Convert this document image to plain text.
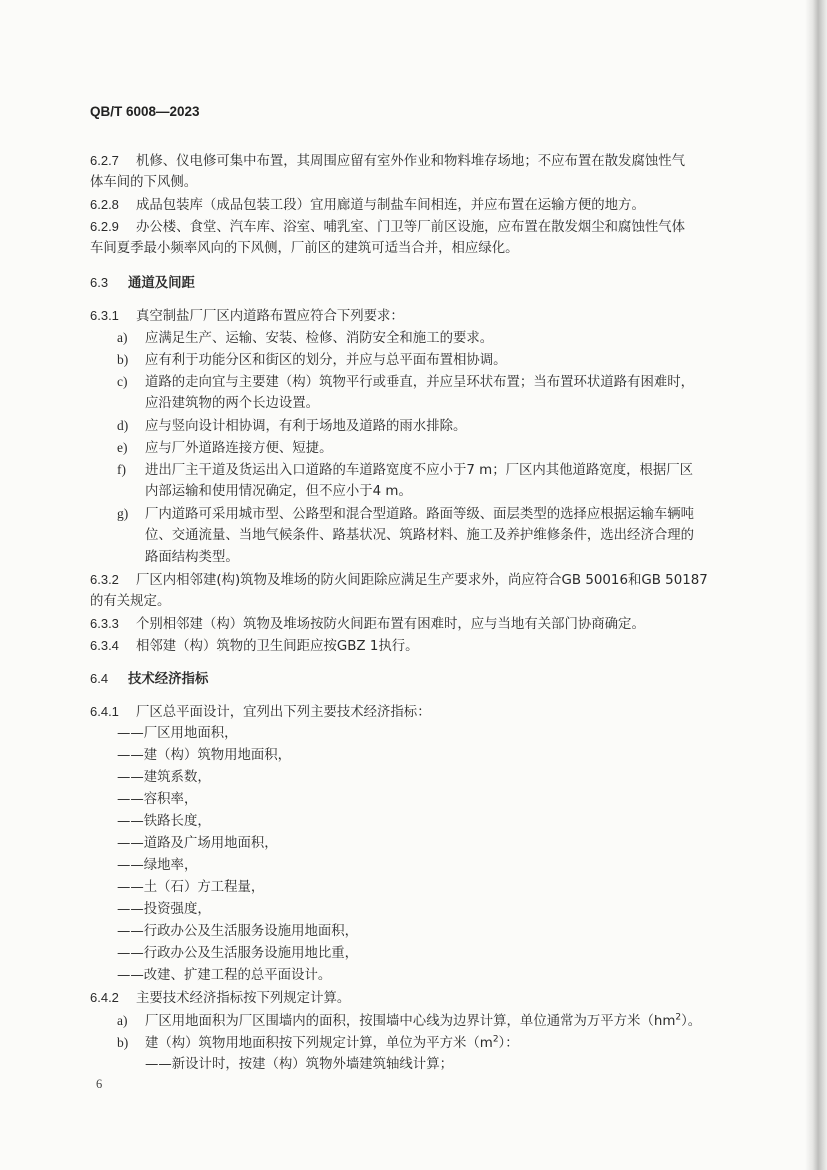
QB/T 6008—2023
6.2.7 机修、仪电修可集中布置，其周围应留有室外作业和物料堆存场地；不应布置在散发腐蚀性气
体车间的下风侧。
6.2.8 成品包装库（成品包装工段）宜用廊道与制盐车间相连，并应布置在运输方便的地方。
6.2.9 办公楼、食堂、汽车库、浴室、哺乳室、门卫等厂前区设施，应布置在散发烟尘和腐蚀性气体
车间夏季最小频率风向的下风侧，厂前区的建筑可适当合并，相应绿化。
6.3 通道及间距
6.3.1 真空制盐厂厂区内道路布置应符合下列要求：
a) 应满足生产、运输、安装、检修、消防安全和施工的要求。
b) 应有利于功能分区和街区的划分，并应与总平面布置相协调。
c) 道路的走向宜与主要建（构）筑物平行或垂直，并应呈环状布置；当布置环状道路有困难时，
应沿建筑物的两个长边设置。
d) 应与竖向设计相协调，有利于场地及道路的雨水排除。
e) 应与厂外道路连接方便、短捷。
f) 进出厂主干道及货运出入口道路的车道路宽度不应小于7 m；厂区内其他道路宽度，根据厂区
内部运输和使用情况确定，但不应小于4 m。
g) 厂内道路可采用城市型、公路型和混合型道路。路面等级、面层类型的选择应根据运输车辆吨
位、交通流量、当地气候条件、路基状况、筑路材料、施工及养护维修条件，选出经济合理的
路面结构类型。
6.3.2 厂区内相邻建(构)筑物及堆场的防火间距除应满足生产要求外，尚应符合GB 50016和GB 50187
的有关规定。
6.3.3 个别相邻建（构）筑物及堆场按防火间距布置有困难时，应与当地有关部门协商确定。
6.3.4 相邻建（构）筑物的卫生间距应按GBZ 1执行。
6.4 技术经济指标
6.4.1 厂区总平面设计，宜列出下列主要技术经济指标：
——厂区用地面积，
——建（构）筑物用地面积，
——建筑系数，
——容积率，
——铁路长度，
——道路及广场用地面积，
——绿地率，
——土（石）方工程量，
——投资强度，
——行政办公及生活服务设施用地面积，
——行政办公及生活服务设施用地比重，
——改建、扩建工程的总平面设计。
6.4.2 主要技术经济指标按下列规定计算。
a) 厂区用地面积为厂区围墙内的面积，按围墙中心线为边界计算，单位通常为万平方米$(hm^2)$。
b) 建（构）筑物用地面积按下列规定计算，单位为平方米$(m^2)$：
——新设计时，按建（构）筑物外墙建筑轴线计算；
6
